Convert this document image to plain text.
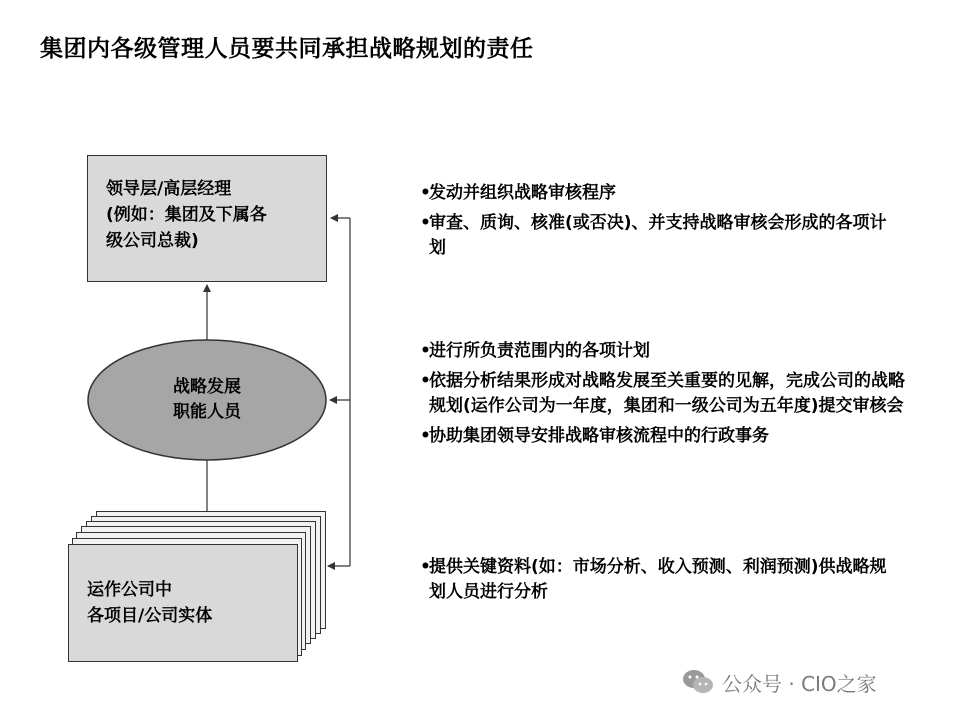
集团内各级管理人员要共同承担战略规划的责任
领导层/高层经理
(例如：集团及下属各
级公司总裁)
战略发展
职能人员
运作公司中
各项目/公司实体
• 发动并组织战略审核程序
• 审查、质询、核准(或否决)、并支持战略审核会形成的各项计划
• 进行所负责范围内的各项计划
• 依据分析结果形成对战略发展至关重要的见解，完成公司的战略规划(运作公司为一年度，集团和一级公司为五年度)提交审核会
• 协助集团领导安排战略审核流程中的行政事务
• 提供关键资料(如：市场分析、收入预测、利润预测)供战略规划人员进行分析
公众号 · CIO之家
